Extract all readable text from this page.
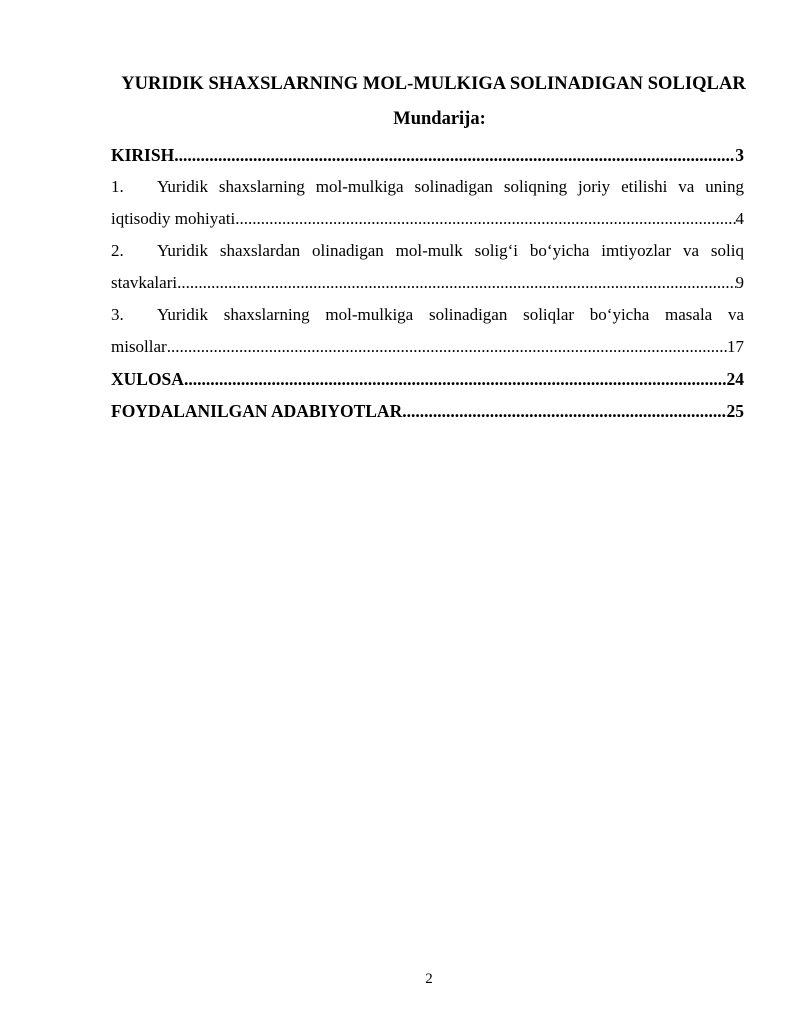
YURIDIK SHAXSLARNING MOL-MULKIGA SOLINADIGAN SOLIQLAR
Mundarija:
KIRISH .....	3
1.	Yuridik shaxslarning mol-mulkiga solinadigan soliqning joriy etilishi va uning
iqtisodiy mohiyati .....	4
2.	Yuridik shaxslardan olinadigan mol-mulk solig‘i bo‘yicha imtiyozlar va soliq
stavkalari .....	9
3.	Yuridik shaxslarning mol-mulkiga solinadigan soliqlar bo‘yicha masala va
misollar .....	17
XULOSA .....	24
FOYDALANILGAN ADABIYOTLAR .....	25
2
